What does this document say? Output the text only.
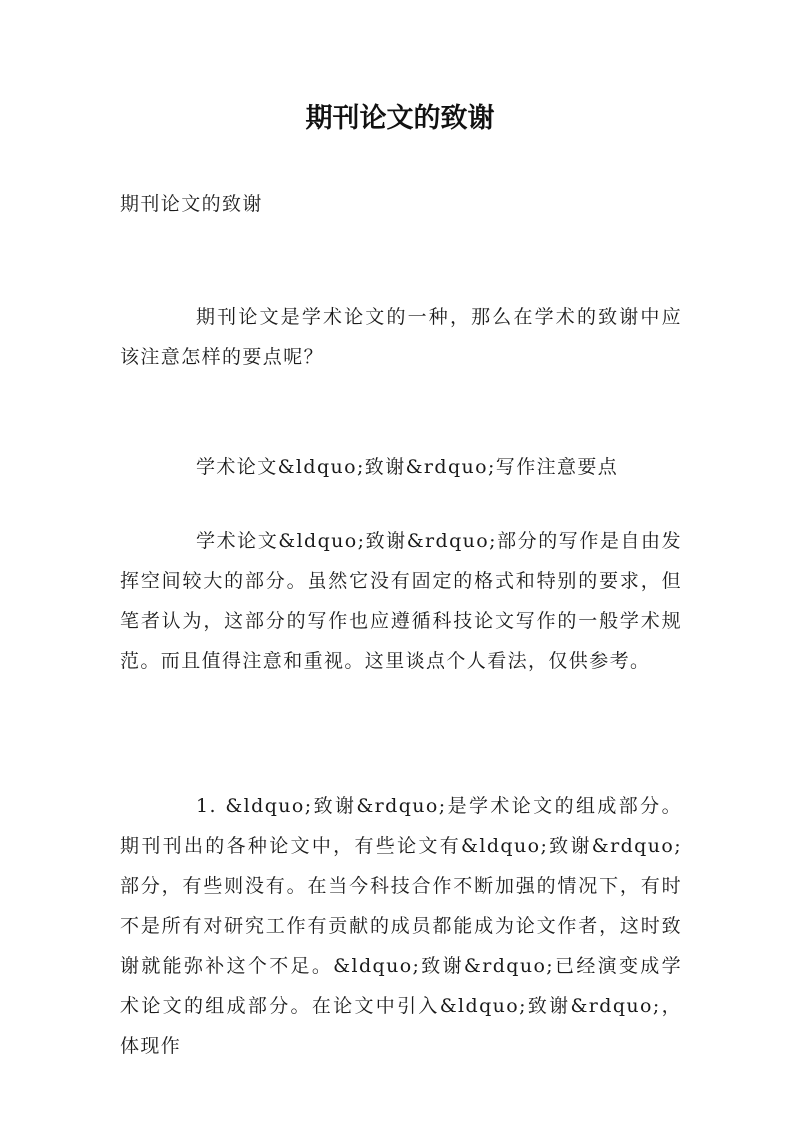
期刊论文的致谢

期刊论文的致谢

期刊论文是学术论文的一种，那么在学术的致谢中应该注意怎样的要点呢？

学术论文&ldquo;致谢&rdquo;写作注意要点

学术论文&ldquo;致谢&rdquo;部分的写作是自由发挥空间较大的部分。虽然它没有固定的格式和特别的要求，但笔者认为，这部分的写作也应遵循科技论文写作的一般学术规范。而且值得注意和重视。这里谈点个人看法，仅供参考。

1. &ldquo;致谢&rdquo;是学术论文的组成部分。期刊刊出的各种论文中，有些论文有&ldquo;致谢&rdquo;部分，有些则没有。在当今科技合作不断加强的情况下，有时不是所有对研究工作有贡献的成员都能成为论文作者，这时致谢就能弥补这个不足。&ldquo;致谢&rdquo;已经演变成学术论文的组成部分。在论文中引入&ldquo;致谢&rdquo;，体现作
